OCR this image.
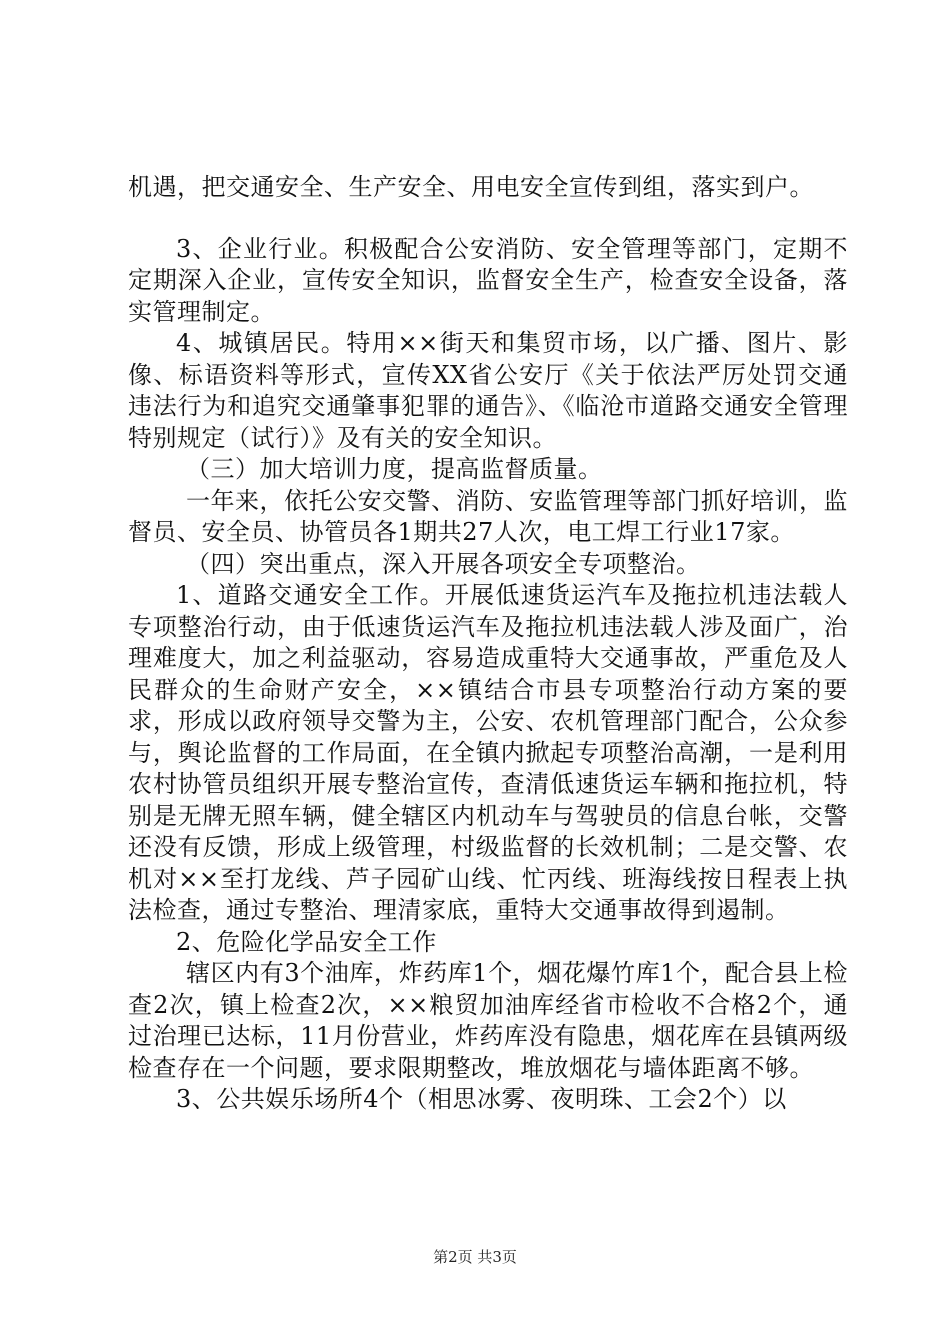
机遇，把交通安全、生产安全、用电安全宣传到组，落实到户。

3、企业行业。积极配合公安消防、安全管理等部门，定期不定期深入企业，宣传安全知识，监督安全生产，检查安全设备，落实管理制定。

4、城镇居民。特用××街天和集贸市场，以广播、图片、影像、标语资料等形式，宣传XX省公安厅《关于依法严厉处罚交通违法行为和追究交通肇事犯罪的通告》、《临沧市道路交通安全管理特别规定（试行）》及有关的安全知识。

（三）加大培训力度，提高监督质量。

一年来，依托公安交警、消防、安监管理等部门抓好培训，监督员、安全员、协管员各1期共27人次，电工焊工行业17家。

（四）突出重点，深入开展各项安全专项整治。

1、道路交通安全工作。开展低速货运汽车及拖拉机违法载人专项整治行动，由于低速货运汽车及拖拉机违法载人涉及面广，治理难度大，加之利益驱动，容易造成重特大交通事故，严重危及人民群众的生命财产安全，××镇结合市县专项整治行动方案的要求，形成以政府领导交警为主，公安、农机管理部门配合，公众参与，舆论监督的工作局面，在全镇内掀起专项整治高潮，一是利用农村协管员组织开展专整治宣传，查清低速货运车辆和拖拉机，特别是无牌无照车辆，健全辖区内机动车与驾驶员的信息台帐，交警还没有反馈，形成上级管理，村级监督的长效机制；二是交警、农机对××至打龙线、芦子园矿山线、忙丙线、班海线按日程表上执法检查，通过专整治、理清家底，重特大交通事故得到遏制。

2、危险化学品安全工作

辖区内有3个油库，炸药库1个，烟花爆竹库1个，配合县上检查2次，镇上检查2次，××粮贸加油库经省市检收不合格2个，通过治理已达标，11月份营业，炸药库没有隐患，烟花库在县镇两级检查存在一个问题，要求限期整改，堆放烟花与墙体距离不够。

3、公共娱乐场所4个（相思冰雾、夜明珠、工会2个）以

第2页 共3页
